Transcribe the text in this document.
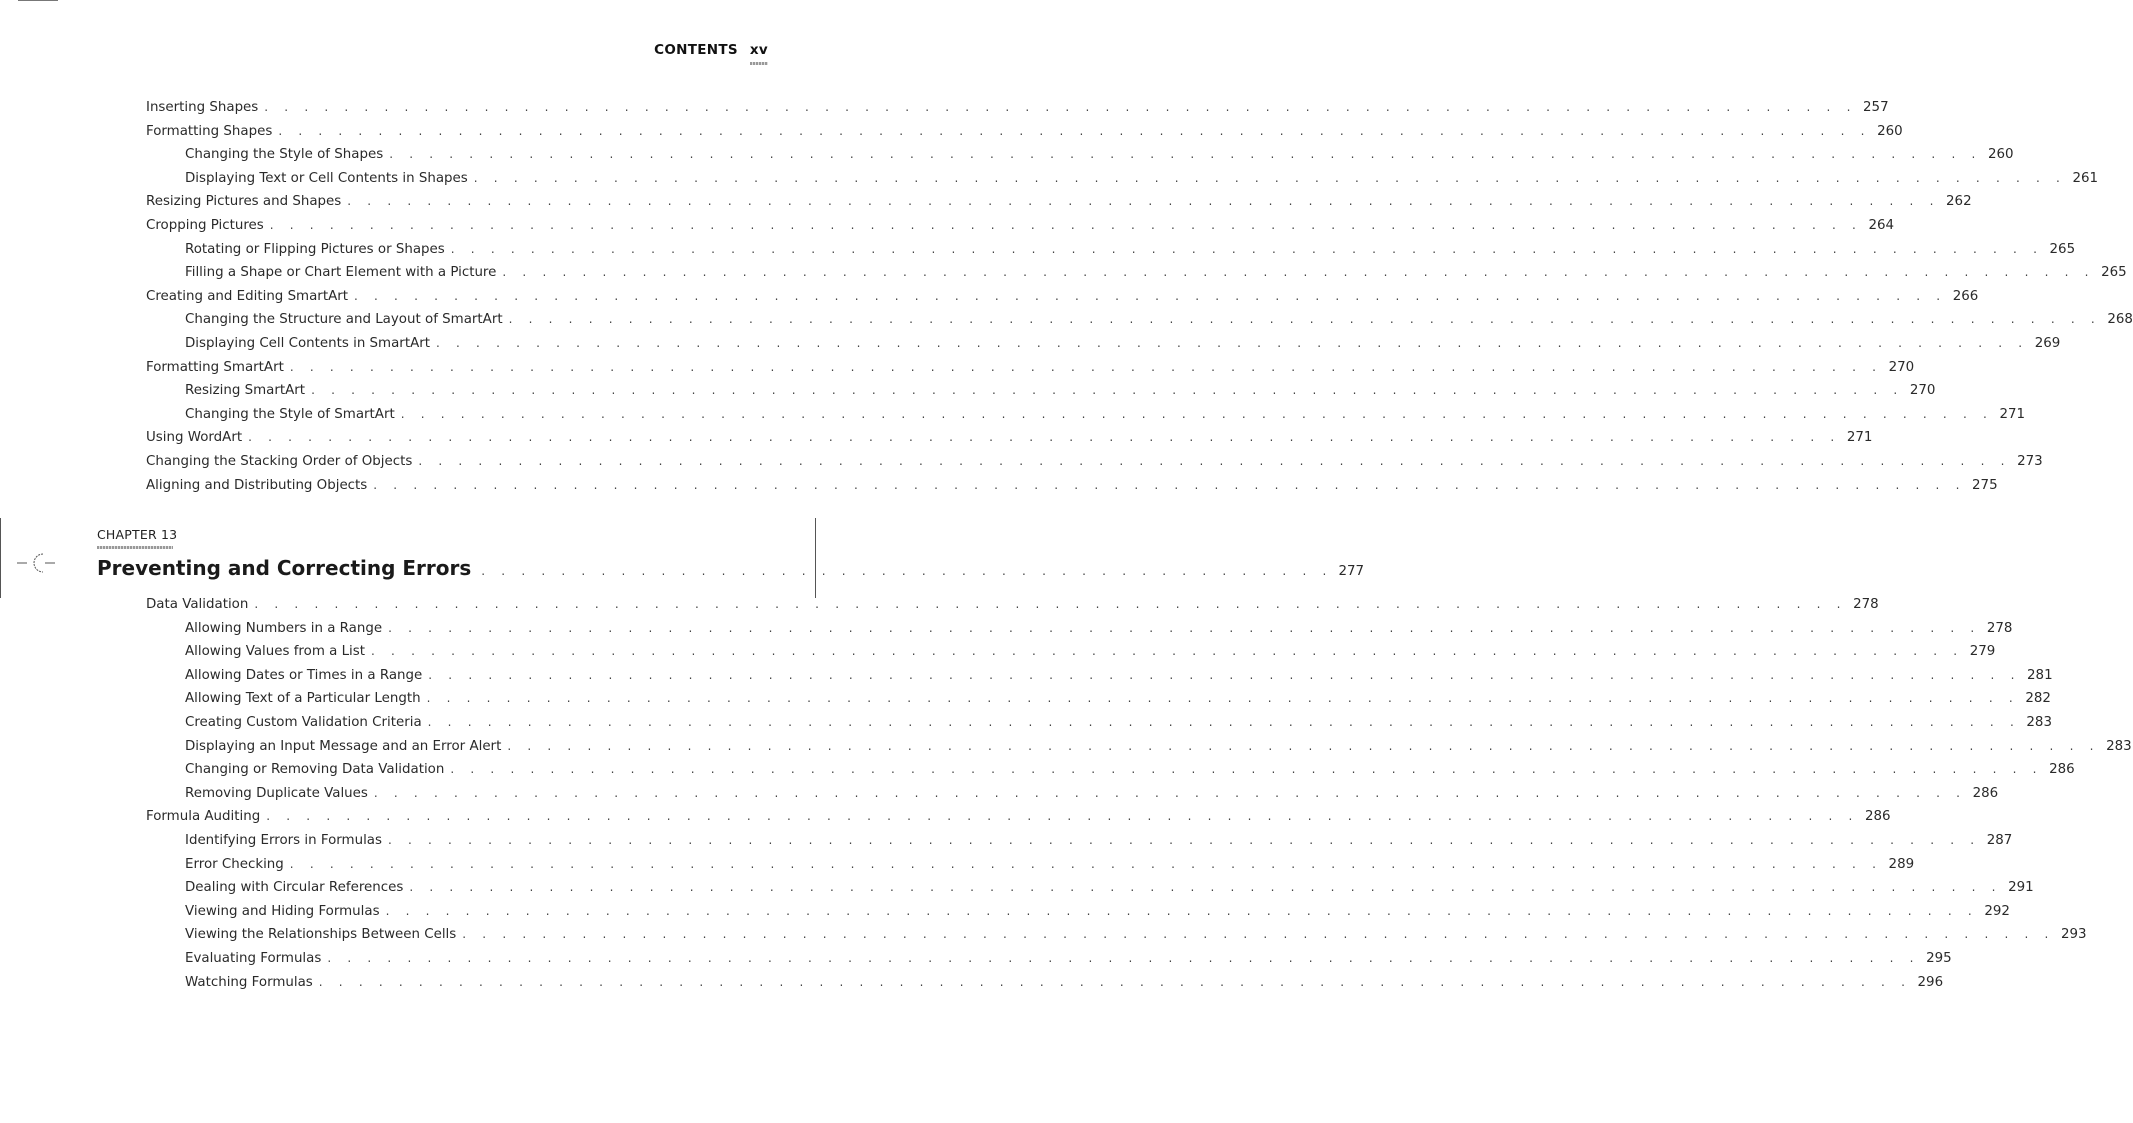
CONTENTS xv
CHAPTER 13
Preventing and Correcting Errors . . . . . . . . . . . . . . . . . . . . . . . . . . . . . . . . . . . . . . . . . . . 277
Inserting Shapes . . . . . . . . . . . . . . . . . . . . . . . . . . . . . . . . . . . . . . . . . . . . . . . . . . . . . . . . . . . . . . . . . . . . . . . . . . . . . . . . 257
Formatting Shapes . . . . . . . . . . . . . . . . . . . . . . . . . . . . . . . . . . . . . . . . . . . . . . . . . . . . . . . . . . . . . . . . . . . . . . . . . . . . . . . . 260
Changing the Style of Shapes . . . . . . . . . . . . . . . . . . . . . . . . . . . . . . . . . . . . . . . . . . . . . . . . . . . . . . . . . . . . . . . . . . . . . . . . . . . . . . . . 260
Displaying Text or Cell Contents in Shapes . . . . . . . . . . . . . . . . . . . . . . . . . . . . . . . . . . . . . . . . . . . . . . . . . . . . . . . . . . . . . . . . . . . . . . . . . . . . . . . . 261
Resizing Pictures and Shapes . . . . . . . . . . . . . . . . . . . . . . . . . . . . . . . . . . . . . . . . . . . . . . . . . . . . . . . . . . . . . . . . . . . . . . . . . . . . . . . . 262
Cropping Pictures . . . . . . . . . . . . . . . . . . . . . . . . . . . . . . . . . . . . . . . . . . . . . . . . . . . . . . . . . . . . . . . . . . . . . . . . . . . . . . . . 264
Rotating or Flipping Pictures or Shapes . . . . . . . . . . . . . . . . . . . . . . . . . . . . . . . . . . . . . . . . . . . . . . . . . . . . . . . . . . . . . . . . . . . . . . . . . . . . . . . . 265
Filling a Shape or Chart Element with a Picture . . . . . . . . . . . . . . . . . . . . . . . . . . . . . . . . . . . . . . . . . . . . . . . . . . . . . . . . . . . . . . . . . . . . . . . . . . . . . . . . 265
Creating and Editing SmartArt . . . . . . . . . . . . . . . . . . . . . . . . . . . . . . . . . . . . . . . . . . . . . . . . . . . . . . . . . . . . . . . . . . . . . . . . . . . . . . . . 266
Changing the Structure and Layout of SmartArt . . . . . . . . . . . . . . . . . . . . . . . . . . . . . . . . . . . . . . . . . . . . . . . . . . . . . . . . . . . . . . . . . . . . . . . . . . . . . . . . 268
Displaying Cell Contents in SmartArt . . . . . . . . . . . . . . . . . . . . . . . . . . . . . . . . . . . . . . . . . . . . . . . . . . . . . . . . . . . . . . . . . . . . . . . . . . . . . . . . 269
Formatting SmartArt . . . . . . . . . . . . . . . . . . . . . . . . . . . . . . . . . . . . . . . . . . . . . . . . . . . . . . . . . . . . . . . . . . . . . . . . . . . . . . . . 270
Resizing SmartArt . . . . . . . . . . . . . . . . . . . . . . . . . . . . . . . . . . . . . . . . . . . . . . . . . . . . . . . . . . . . . . . . . . . . . . . . . . . . . . . . 270
Changing the Style of SmartArt . . . . . . . . . . . . . . . . . . . . . . . . . . . . . . . . . . . . . . . . . . . . . . . . . . . . . . . . . . . . . . . . . . . . . . . . . . . . . . . . 271
Using WordArt . . . . . . . . . . . . . . . . . . . . . . . . . . . . . . . . . . . . . . . . . . . . . . . . . . . . . . . . . . . . . . . . . . . . . . . . . . . . . . . . 271
Changing the Stacking Order of Objects . . . . . . . . . . . . . . . . . . . . . . . . . . . . . . . . . . . . . . . . . . . . . . . . . . . . . . . . . . . . . . . . . . . . . . . . . . . . . . . . 273
Aligning and Distributing Objects . . . . . . . . . . . . . . . . . . . . . . . . . . . . . . . . . . . . . . . . . . . . . . . . . . . . . . . . . . . . . . . . . . . . . . . . . . . . . . . . 275
Data Validation . . . . . . . . . . . . . . . . . . . . . . . . . . . . . . . . . . . . . . . . . . . . . . . . . . . . . . . . . . . . . . . . . . . . . . . . . . . . . . . . 278
Allowing Numbers in a Range . . . . . . . . . . . . . . . . . . . . . . . . . . . . . . . . . . . . . . . . . . . . . . . . . . . . . . . . . . . . . . . . . . . . . . . . . . . . . . . . 278
Allowing Values from a List . . . . . . . . . . . . . . . . . . . . . . . . . . . . . . . . . . . . . . . . . . . . . . . . . . . . . . . . . . . . . . . . . . . . . . . . . . . . . . . . 279
Allowing Dates or Times in a Range . . . . . . . . . . . . . . . . . . . . . . . . . . . . . . . . . . . . . . . . . . . . . . . . . . . . . . . . . . . . . . . . . . . . . . . . . . . . . . . . 281
Allowing Text of a Particular Length . . . . . . . . . . . . . . . . . . . . . . . . . . . . . . . . . . . . . . . . . . . . . . . . . . . . . . . . . . . . . . . . . . . . . . . . . . . . . . . . 282
Creating Custom Validation Criteria . . . . . . . . . . . . . . . . . . . . . . . . . . . . . . . . . . . . . . . . . . . . . . . . . . . . . . . . . . . . . . . . . . . . . . . . . . . . . . . . 283
Displaying an Input Message and an Error Alert . . . . . . . . . . . . . . . . . . . . . . . . . . . . . . . . . . . . . . . . . . . . . . . . . . . . . . . . . . . . . . . . . . . . . . . . . . . . . . . . 283
Changing or Removing Data Validation . . . . . . . . . . . . . . . . . . . . . . . . . . . . . . . . . . . . . . . . . . . . . . . . . . . . . . . . . . . . . . . . . . . . . . . . . . . . . . . . 286
Removing Duplicate Values . . . . . . . . . . . . . . . . . . . . . . . . . . . . . . . . . . . . . . . . . . . . . . . . . . . . . . . . . . . . . . . . . . . . . . . . . . . . . . . . 286
Formula Auditing . . . . . . . . . . . . . . . . . . . . . . . . . . . . . . . . . . . . . . . . . . . . . . . . . . . . . . . . . . . . . . . . . . . . . . . . . . . . . . . . 286
Identifying Errors in Formulas . . . . . . . . . . . . . . . . . . . . . . . . . . . . . . . . . . . . . . . . . . . . . . . . . . . . . . . . . . . . . . . . . . . . . . . . . . . . . . . . 287
Error Checking . . . . . . . . . . . . . . . . . . . . . . . . . . . . . . . . . . . . . . . . . . . . . . . . . . . . . . . . . . . . . . . . . . . . . . . . . . . . . . . . 289
Dealing with Circular References . . . . . . . . . . . . . . . . . . . . . . . . . . . . . . . . . . . . . . . . . . . . . . . . . . . . . . . . . . . . . . . . . . . . . . . . . . . . . . . . 291
Viewing and Hiding Formulas . . . . . . . . . . . . . . . . . . . . . . . . . . . . . . . . . . . . . . . . . . . . . . . . . . . . . . . . . . . . . . . . . . . . . . . . . . . . . . . . 292
Viewing the Relationships Between Cells . . . . . . . . . . . . . . . . . . . . . . . . . . . . . . . . . . . . . . . . . . . . . . . . . . . . . . . . . . . . . . . . . . . . . . . . . . . . . . . . 293
Evaluating Formulas . . . . . . . . . . . . . . . . . . . . . . . . . . . . . . . . . . . . . . . . . . . . . . . . . . . . . . . . . . . . . . . . . . . . . . . . . . . . . . . . 295
Watching Formulas . . . . . . . . . . . . . . . . . . . . . . . . . . . . . . . . . . . . . . . . . . . . . . . . . . . . . . . . . . . . . . . . . . . . . . . . . . . . . . . . 296
